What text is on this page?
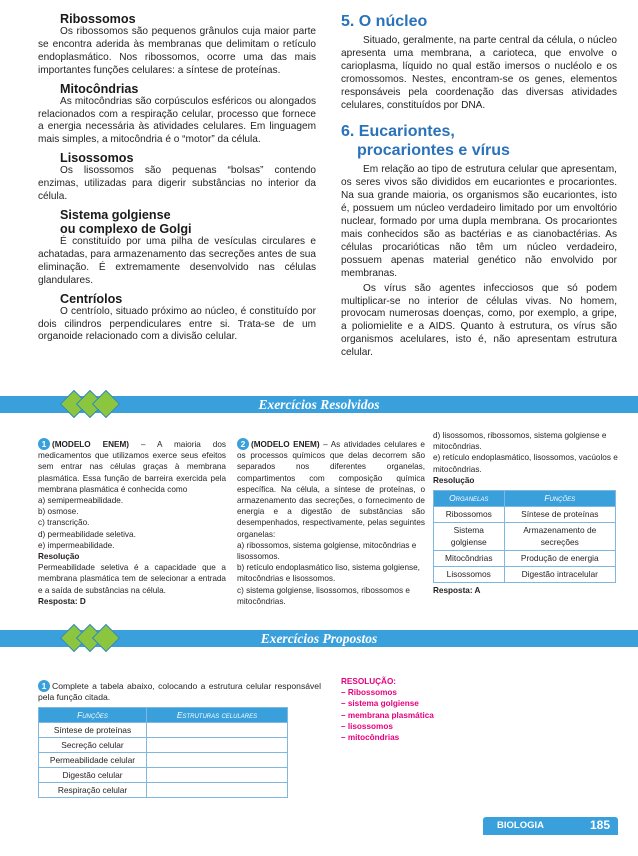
Ribossomos

Os ribossomos são pequenos grânulos cuja maior parte se encontra aderida às membranas que delimitam o retículo endoplasmático. Nos ribossomos, ocorre uma das mais importantes funções celulares: a síntese de proteínas.

Mitocôndrias

As mitocôndrias são corpúsculos esféricos ou alongados relacionados com a respiração celular, processo que fornece a energia necessária às atividades celulares. Em linguagem mais simples, a mitocôndria é o “motor” da célula.

Lisossomos

Os lisossomos são pequenas “bolsas” contendo enzimas, utilizadas para digerir substâncias no interior da célula.

Sistema golgiense
ou complexo de Golgi

É constituído por uma pilha de vesículas circulares e achatadas, para armazenamento das secreções antes de sua eliminação. É extremamente desenvolvido nas células glandulares.

Centríolos

O centríolo, situado próximo ao núcleo, é constituído por dois cilindros perpendiculares entre si. Trata-se de um organoide relacionado com a divisão celular.

5. O núcleo

Situado, geralmente, na parte central da célula, o núcleo apresenta uma membrana, a carioteca, que envolve o carioplasma, líquido no qual estão imersos o nucléolo e os cromossomos. Nestes, encontram-se os genes, elementos responsáveis pela coordenação das diversas atividades celulares, constituídos por DNA.

6. Eucariontes,
procariontes e vírus

Em relação ao tipo de estrutura celular que apresentam, os seres vivos são divididos em eucariontes e procariontes. Na sua grande maioria, os organismos são eucariontes, isto é, possuem um núcleo verdadeiro limitado por um envoltório nuclear, formado por uma dupla membrana. Os procariontes mais conhecidos são as bactérias e as cianobactérias. As células procarióticas não têm um núcleo verdadeiro, possuem apenas material genético não envolvido por membranas.

Os vírus são agentes infecciosos que só podem multiplicar-se no interior de células vivas. No homem, provocam numerosas doenças, como, por exemplo, a gripe, a poliomielite e a AIDS. Quanto à estrutura, os vírus são organismos acelulares, isto é, não apresentam estrutura celular.

Exercícios Resolvidos

1 (MODELO ENEM) – A maioria dos medicamentos que utilizamos exerce seus efeitos sem entrar nas células graças à membrana plasmática. Essa função de barreira exercida pela membrana plasmática é conhecida como

a) semipermeabilidade.
b) osmose.
c) transcrição.
d) permeabilidade seletiva.
e) impermeabilidade.
Resolução

Permeabilidade seletiva é a capacidade que a membrana plasmática tem de selecionar a entrada e a saída de substâncias na célula.

Resposta: D

2 (MODELO ENEM) – As atividades celulares e os processos químicos que delas decorrem são separados nos diferentes organelas, compartimentos com composição química específica. Na célula, a síntese de proteínas, o armazenamento das secreções, o fornecimento de energia e a digestão de substâncias são desempenhados, respectivamente, pelas seguintes organelas:

a) ribossomos, sistema golgiense, mitocôndrias e lisossomos.
b) retículo endoplasmático liso, sistema golgiense, mitocôndrias e lisossomos.
c) sistema golgiense, lisossomos, ribossomos e mitocôndrias.
d) lisossomos, ribossomos, sistema golgiense e mitocôndrias.
e) retículo endoplasmático, lisossomos, vacúolos e mitocôndrias.
Resolução
Organelas	Funções
Ribossomos	Síntese de proteínas
Sistema golgiense	Armazenamento de secreções
Mitocôndrias	Produção de energia
Lisossomos	Digestão intracelular
Resposta: A
Exercícios Propostos

1 Complete a tabela abaixo, colocando a estrutura celular responsável pela função citada.

Funções	Estruturas celulares
Síntese de proteínas	
Secreção celular	
Permeabilidade celular	
Digestão celular	
Respiração celular	
RESOLUÇÃO:
– Ribossomos
– sistema golgiense
– membrana plasmática
– lisossomos
– mitocôndrias
BIOLOGIA	185
